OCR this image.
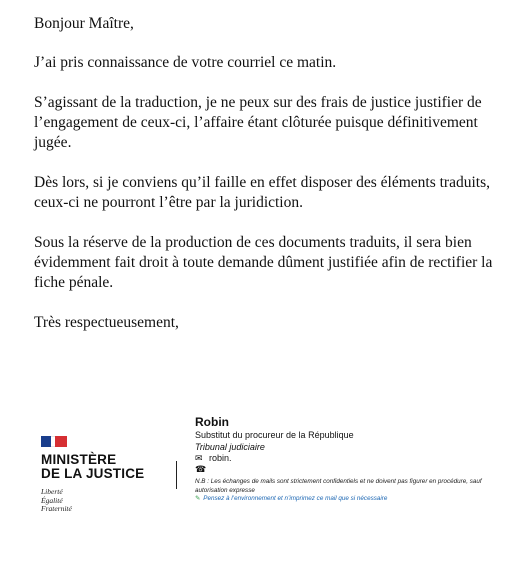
Bonjour Maître,

J’ai pris connaissance de votre courriel ce matin.

S’agissant de la traduction, je ne peux sur des frais de justice justifier de l’engagement de ceux-ci, l’affaire étant clôturée puisque définitivement jugée.

Dès lors, si je conviens qu’il faille en effet disposer des éléments traduits, ceux-ci ne pourront l’être par la juridiction.

Sous la réserve de la production de ces documents traduits, il sera bien évidemment fait droit à toute demande dûment justifiée afin de rectifier la fiche pénale.

Très respectueusement,

MINISTÈRE
DE LA JUSTICE
Liberté
Égalité
Fraternité
Robin
Substitut du procureur de la République
Tribunal judiciaire
✉ robin.
☎
N.B : Les échanges de mails sont strictement confidentiels et ne doivent pas figurer en procédure, sauf autorisation expresse
✎ Pensez à l’environnement et n’imprimez ce mail que si nécessaire
